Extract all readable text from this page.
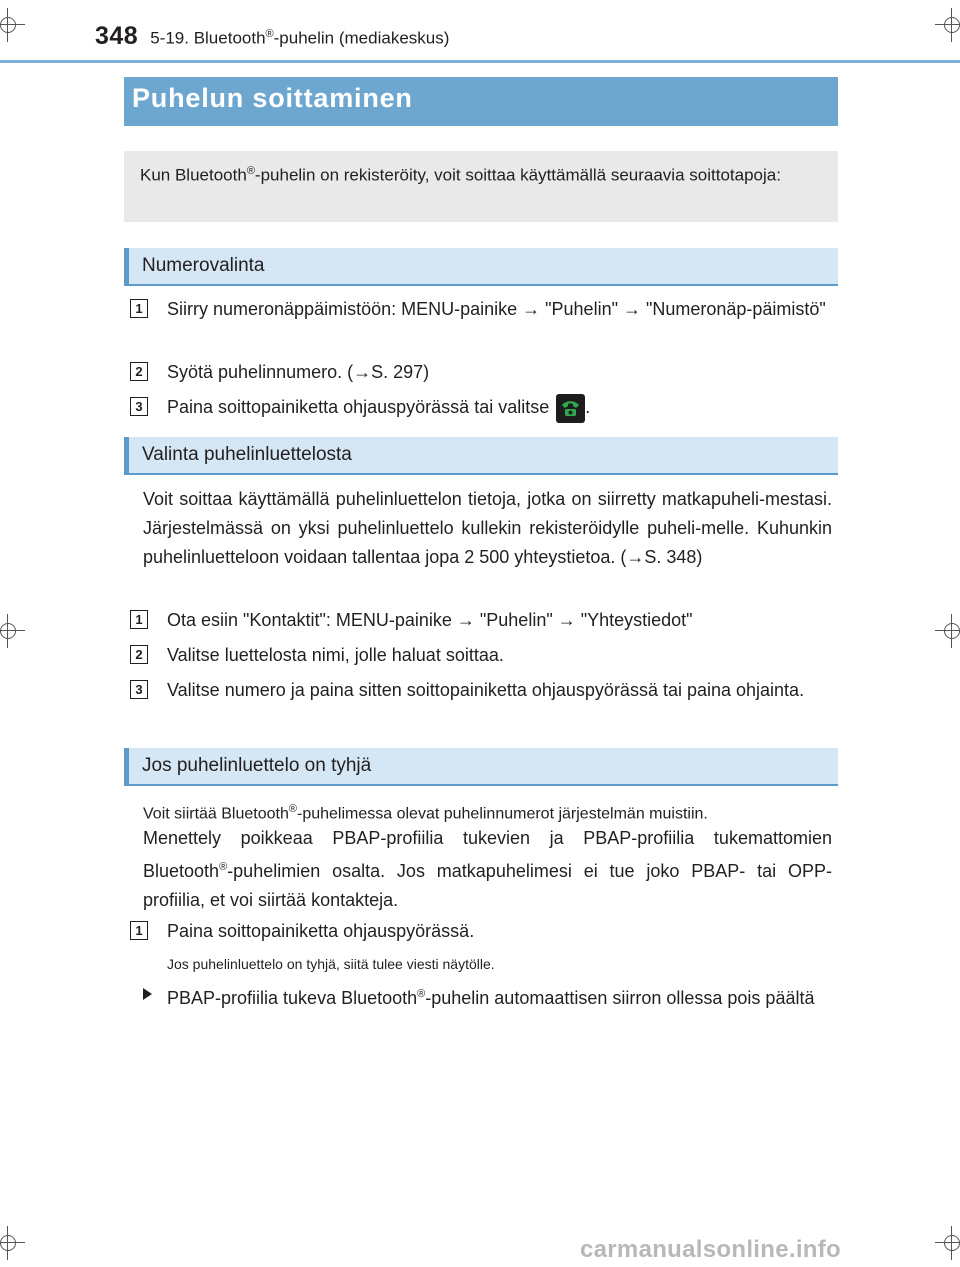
348 5-19. Bluetooth®-puhelin (mediakeskus)
Puhelun soittaminen
Kun Bluetooth®-puhelin on rekisteröity, voit soittaa käyttämällä seuraavia soittotapoja:
Numerovalinta
1 Siirry numeronäppäimistöön: MENU-painike → "Puhelin" → "Numeronäp-päimistö"
2 Syötä puhelinnumero. (→S. 297)
3 Paina soittopainiketta ohjauspyörässä tai valitse .
Valinta puhelinluettelosta
Voit soittaa käyttämällä puhelinluettelon tietoja, jotka on siirretty matkapuheli-mestasi. Järjestelmässä on yksi puhelinluettelo kullekin rekisteröidylle puheli-melle. Kuhunkin puhelinluetteloon voidaan tallentaa jopa 2 500 yhteystietoa. (→S. 348)
1 Ota esiin "Kontaktit": MENU-painike → "Puhelin" → "Yhteystiedot"
2 Valitse luettelosta nimi, jolle haluat soittaa.
3 Valitse numero ja paina sitten soittopainiketta ohjauspyörässä tai paina ohjainta.
Jos puhelinluettelo on tyhjä
Voit siirtää Bluetooth®-puhelimessa olevat puhelinnumerot järjestelmän muistiin.
Menettely poikkeaa PBAP-profiilia tukevien ja PBAP-profiilia tukemattomien Bluetooth®-puhelimien osalta. Jos matkapuhelimesi ei tue joko PBAP- tai OPP-profiilia, et voi siirtää kontakteja.
1 Paina soittopainiketta ohjauspyörässä.
Jos puhelinluettelo on tyhjä, siitä tulee viesti näytölle.
PBAP-profiilia tukeva Bluetooth®-puhelin automaattisen siirron ollessa pois päältä
carmanualsonline.info
